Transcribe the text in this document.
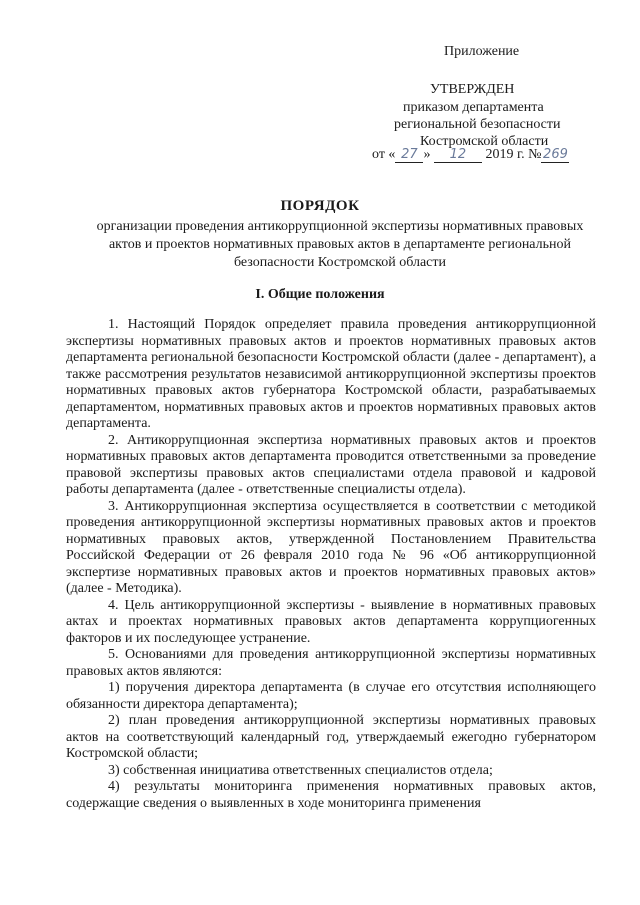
Приложение
УТВЕРЖДЕН
приказом департамента
региональной безопасности
Костромской области
от « 27 » 12 2019 г. № 269
ПОРЯДОК
организации проведения антикоррупционной экспертизы нормативных правовых актов и проектов нормативных правовых актов в департаменте региональной безопасности Костромской области
I. Общие положения

1. Настоящий Порядок определяет правила проведения антикоррупционной экспертизы нормативных правовых актов и проектов нормативных правовых актов департамента региональной безопасности Костромской области (далее - департамент), а также рассмотрения результатов независимой антикоррупционной экспертизы проектов нормативных правовых актов губернатора Костромской области, разрабатываемых департаментом, нормативных правовых актов и проектов нормативных правовых актов департамента.

2. Антикоррупционная экспертиза нормативных правовых актов и проектов нормативных правовых актов департамента проводится ответственными за проведение правовой экспертизы правовых актов специалистами отдела правовой и кадровой работы департамента (далее - ответственные специалисты отдела).

3. Антикоррупционная экспертиза осуществляется в соответствии с методикой проведения антикоррупционной экспертизы нормативных правовых актов и проектов нормативных правовых актов, утвержденной Постановлением Правительства Российской Федерации от 26 февраля 2010 года № 96 «Об антикоррупционной экспертизе нормативных правовых актов и проектов нормативных правовых актов» (далее - Методика).

4. Цель антикоррупционной экспертизы - выявление в нормативных правовых актах и проектах нормативных правовых актов департамента коррупциогенных факторов и их последующее устранение.

5. Основаниями для проведения антикоррупционной экспертизы нормативных правовых актов являются:

1) поручения директора департамента (в случае его отсутствия исполняющего обязанности директора департамента);

2) план проведения антикоррупционной экспертизы нормативных правовых актов на соответствующий календарный год, утверждаемый ежегодно губернатором Костромской области;

3) собственная инициатива ответственных специалистов отдела;

4) результаты мониторинга применения нормативных правовых актов, содержащие сведения о выявленных в ходе мониторинга применения
